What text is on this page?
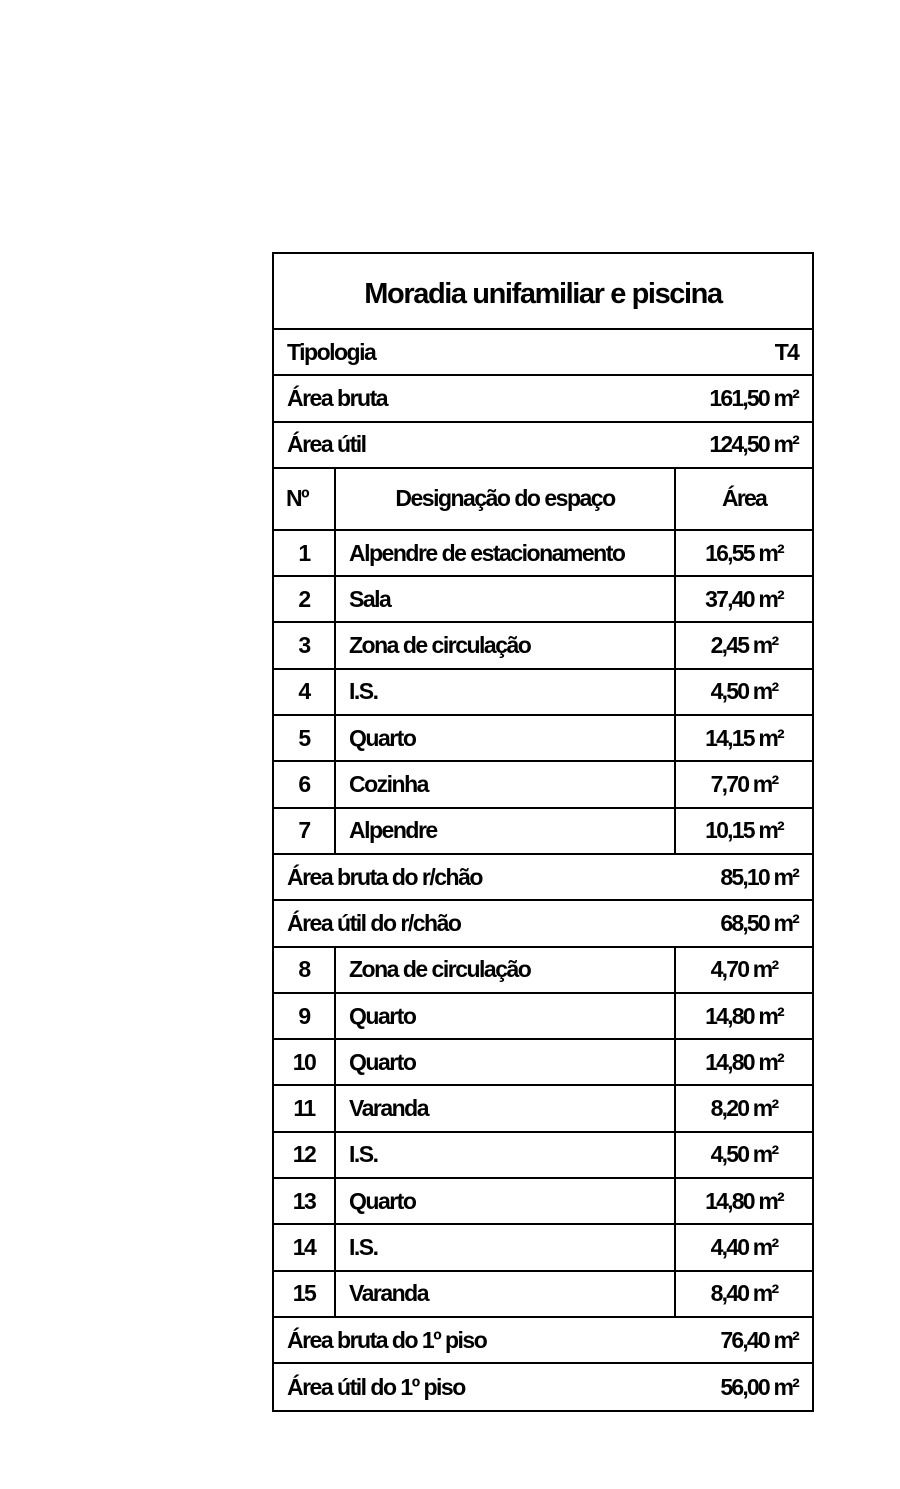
Moradia unifamiliar e piscina
Tipologia	T4
Área bruta	161,50 m²
Área útil	124,50 m²
Nº	Designação do espaço	Área
1	Alpendre de estacionamento	16,55 m²
2	Sala	37,40 m²
3	Zona de circulação	2,45 m²
4	I.S.	4,50 m²
5	Quarto	14,15 m²
6	Cozinha	7,70 m²
7	Alpendre	10,15 m²
Área bruta do r/chão	85,10 m²
Área útil do r/chão	68,50 m²
8	Zona de circulação	4,70 m²
9	Quarto	14,80 m²
10	Quarto	14,80 m²
11	Varanda	8,20 m²
12	I.S.	4,50 m²
13	Quarto	14,80 m²
14	I.S.	4,40 m²
15	Varanda	8,40 m²
Área bruta do 1º piso	76,40 m²
Área útil do 1º piso	56,00 m²
